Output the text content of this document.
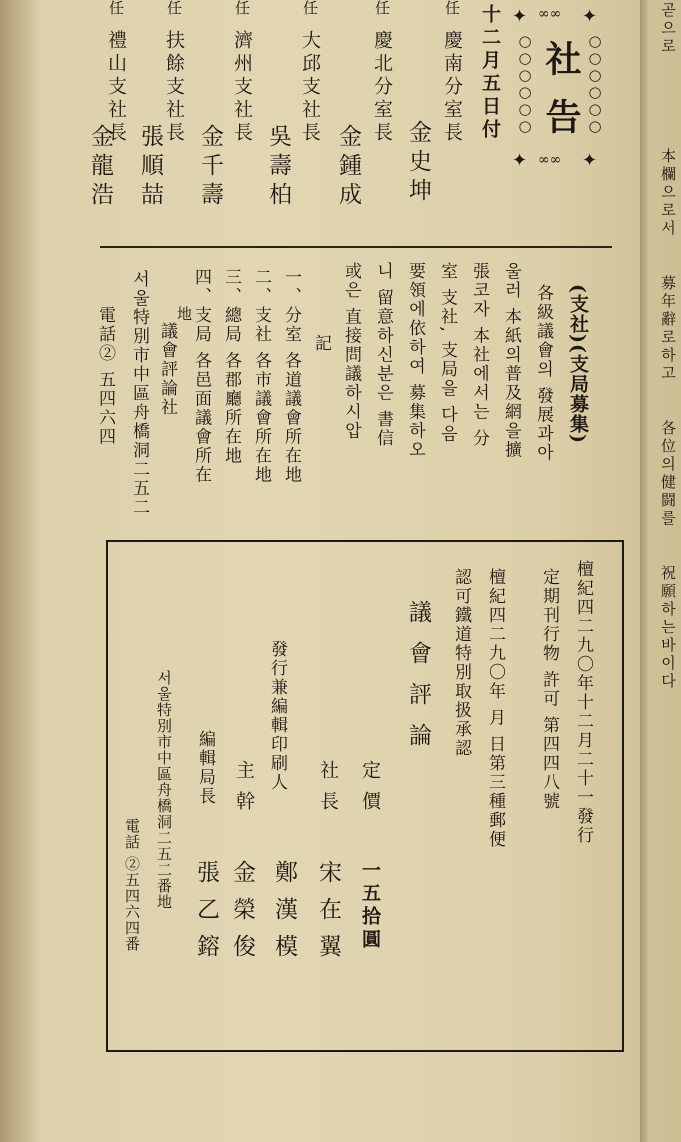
곧으로
本欄으로서
募年辭로하고
各位의健闘를
祝願하는바이다
✦
✦
✦
✦
∞∞
∞∞
○○○○○○
○○○○○○ 社告
十二月五日付
慶南分室長
金史坤
慶北分室長
金鍾成
大邱支社長
吳壽柏
濟州支社長
金千壽
扶餘支社長
張順喆
禮山支社長
金龍浩
任
任
任
任
任
任
(支社)(支局募集)
各級議會의 發展과아
울러 本紙의普及網을擴
張코자 本社에서는 分
室 支社, 支局을 다음
要領에依하여 募集하오
니 留意하신분은 書信
或은 直接問議하시압
記
一、分室 各道議會所在地
二、支社 各市議會所在地
三、總局 各郡廳所在地
四、支局 各邑面議會所在
地
議會評論社
서울特別市中區舟橋洞二五二
電話② 五四六四
檀紀四二九〇年十二月二十一發行
定期刊行物 許可 第四四八號
檀紀四二九〇年 月 日第三種郵便
認可鐵道特別取扱承認
議會評論
定價
一五拾圓
社長
宋在翼
發行兼編輯印刷人
鄭漢模
主幹
金榮俊
編輯局長
張乙鎔
서울特別市中區舟橋洞二五二番地
電話 ②五四六四番
